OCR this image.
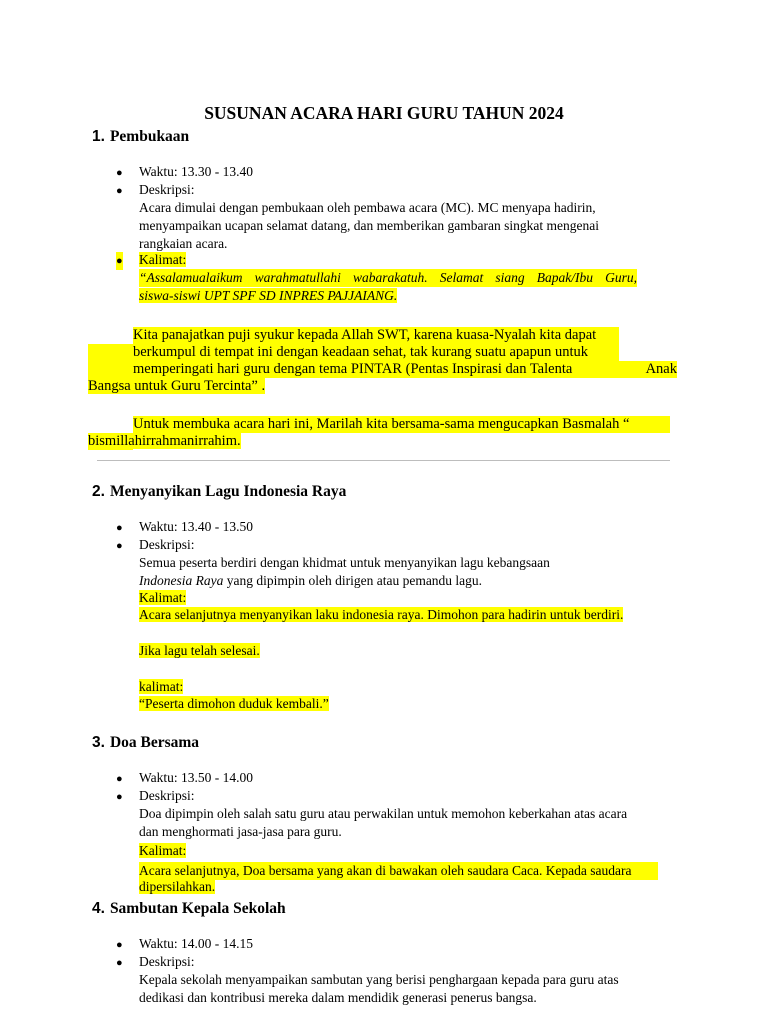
SUSUNAN ACARA HARI GURU TAHUN 2024
1. Pembukaan
● Waktu: 13.30 - 13.40
● Deskripsi:
Acara dimulai dengan pembukaan oleh pembawa acara (MC). MC menyapa hadirin,
menyampaikan ucapan selamat datang, dan memberikan gambaran singkat mengenai
rangkaian acara.
● Kalimat:
“Assalamualaikum warahmatullahi wabarakatuh. Selamat siang Bapak/Ibu Guru,
siswa-siswi UPT SPF SD INPRES PAJJAIANG.
Kita panajatkan puji syukur kepada Allah SWT, karena kuasa-Nyalah kita dapat
berkumpul di tempat ini dengan keadaan sehat, tak kurang suatu apapun untuk
memperingati hari guru dengan tema PINTAR (Pentas Inspirasi dan Talenta	Anak
Bangsa untuk Guru Tercinta” .
Untuk membuka acara hari ini, Marilah kita bersama-sama mengucapkan Basmalah “
bismillahirrahmanirrahim.
2. Menyanyikan Lagu Indonesia Raya
● Waktu: 13.40 - 13.50
● Deskripsi:
Semua peserta berdiri dengan khidmat untuk menyanyikan lagu kebangsaan
Indonesia Raya yang dipimpin oleh dirigen atau pemandu lagu.
Kalimat:
Acara selanjutnya menyanyikan laku indonesia raya. Dimohon para hadirin untuk berdiri.
Jika lagu telah selesai.
kalimat:
“Peserta dimohon duduk kembali.”
3. Doa Bersama
● Waktu: 13.50 - 14.00
● Deskripsi:
Doa dipimpin oleh salah satu guru atau perwakilan untuk memohon keberkahan atas acara
dan menghormati jasa-jasa para guru.
Kalimat:
Acara selanjutnya, Doa bersama yang akan di bawakan oleh saudara Caca. Kepada saudara
dipersilahkan.
4. Sambutan Kepala Sekolah
● Waktu: 14.00 - 14.15
● Deskripsi:
Kepala sekolah menyampaikan sambutan yang berisi penghargaan kepada para guru atas
dedikasi dan kontribusi mereka dalam mendidik generasi penerus bangsa.
